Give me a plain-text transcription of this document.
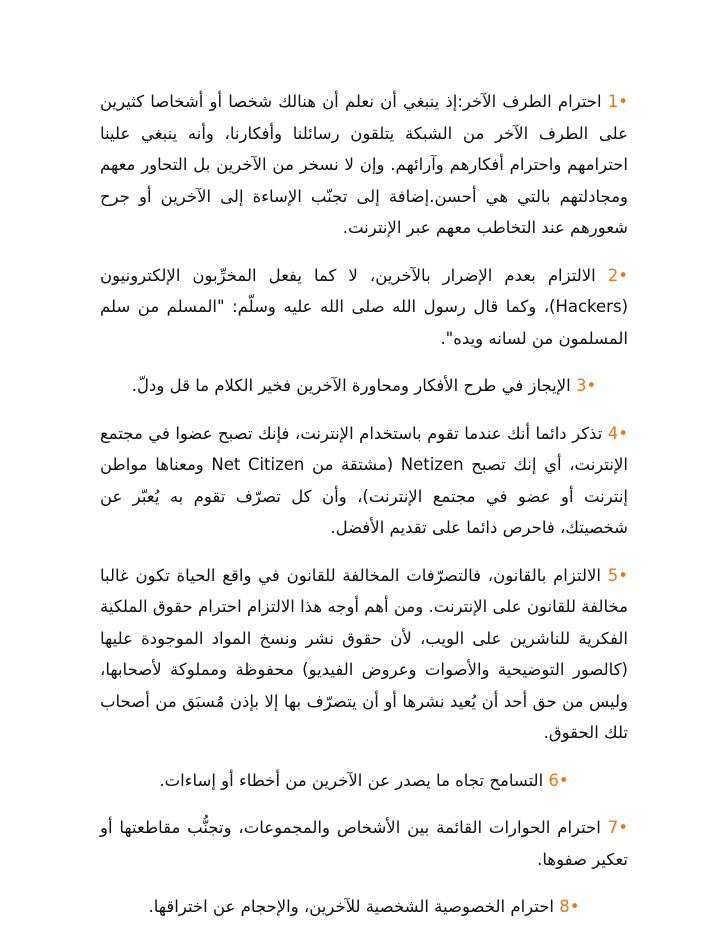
•1 احترام الطرف الآخر:إذ ينبغي أن نعلم أن هنالك شخصا أو أشخاصا كثيرين على الطرف الآخر من الشبكة يتلقون رسائلنا وأفكارنا، وأنه ينبغي علينا احترامهم واحترام أفكارهم وآرائهم. وإن لا نسخر من الآخرين بل التحاور معهم ومجادلتهم بالتي هي أحسن.إضافة إلى تجنّب الإساءة إلى الآخرين أو جرح شعورهم عند التخاطب معهم عبر الإنترنت.

•2 الالتزام بعدم الإضرار بالآخرين، لا كما يفعل المخرِّبون الإلكترونيون (Hackers)، وكما قال رسول الله صلى الله عليه وسلّم: "المسلم من سلم المسلمون من لسانه ويده".

•3 الإيجاز في طرح الأفكار ومحاورة الآخرين فخير الكلام ما قل ودلّ.

•4 تذكر دائما أنك عندما تقوم باستخدام الإنترنت، فإنك تصبح عضوا في مجتمع الإنترنت، أي إنك تصبح Netizen (مشتقة من Net Citizen ومعناها مواطن إنترنت أو عضو في مجتمع الإنترنت)، وأن كل تصرّف تقوم به يُعبّر عن شخصيتك، فاحرص دائما على تقديم الأفضل.

•5 الالتزام بالقانون، فالتصرّفات المخالفة للقانون في واقع الحياة تكون غالبا مخالفة للقانون على الإنترنت. ومن أهم أوجه هذا الالتزام احترام حقوق الملكية الفكرية للناشرين على الويب، لأن حقوق نشر ونسخ المواد الموجودة عليها (كالصور التوضيحية والأصوات وعروض الفيديو) محفوظة ومملوكة لأصحابها، وليس من حق أحد أن يُعيد نشرها أو أن يتصرّف بها إلا بإذن مُسبَق من أصحاب تلك الحقوق.

•6 التسامح تجاه ما يصدر عن الآخرين من أخطاء أو إساءات.

•7 احترام الحوارات القائمة بين الأشخاص والمجموعات، وتجنُّب مقاطعتها أو تعكير صفوها.

•8 احترام الخصوصية الشخصية للآخرين، والإحجام عن اختراقها.
